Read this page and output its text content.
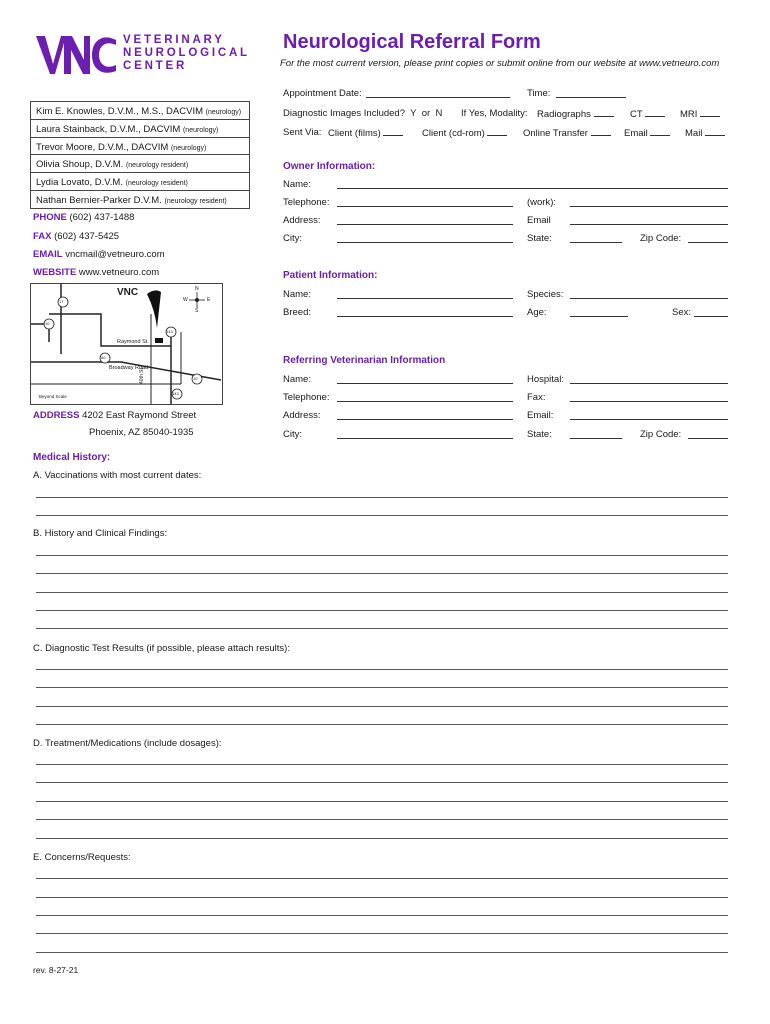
VETERINARY
NEUROLOGICAL
CENTER
Neurological Referral Form
For the most current version, please print copies or submit online from our website at www.vetneuro.com
Kim E. Knowles, D.V.M., M.S., DACVIM (neurology)
Laura Stainback, D.V.M., DACVIM (neurology)
Trevor Moore, D.V.M., DACVIM (neurology)
Olivia Shoup, D.V.M. (neurology resident)
Lydia Lovato, D.V.M. (neurology resident)
Nathan Bernier-Parker D.V.M. (neurology resident)
PHONE (602) 437-1488
FAX (602) 437-5425
EMAIL vncmail@vetneuro.com
WEBSITE www.vetneuro.com
VNC	N
S
W	E
17
10
143
60
10
143
Raymond St.
Broadway Road
40th St.
Beyond Scale
ADDRESS 4202 East Raymond Street
Phoenix, AZ 85040-1935
Appointment Date:	Time:
Diagnostic Images Included? Y or N If Yes, Modality: Radiographs	CT	MRI
Sent Via: Client (films)	Client (cd-rom)	Online Transfer	Email	Mail
Owner Information:
Name:
Telephone:	(work):
Address:	Email
City:	State:	Zip Code:
Patient Information:
Name:	Species:
Breed:	Age:	Sex:
Referring Veterinarian Information
Name:	Hospital:
Telephone:	Fax:
Address:	Email:
City:	State:	Zip Code:
Medical History:
A. Vaccinations with most current dates:
B. History and Clinical Findings:
C. Diagnostic Test Results (if possible, please attach results):
D. Treatment/Medications (include dosages):
E. Concerns/Requests:
rev. 8-27-21
